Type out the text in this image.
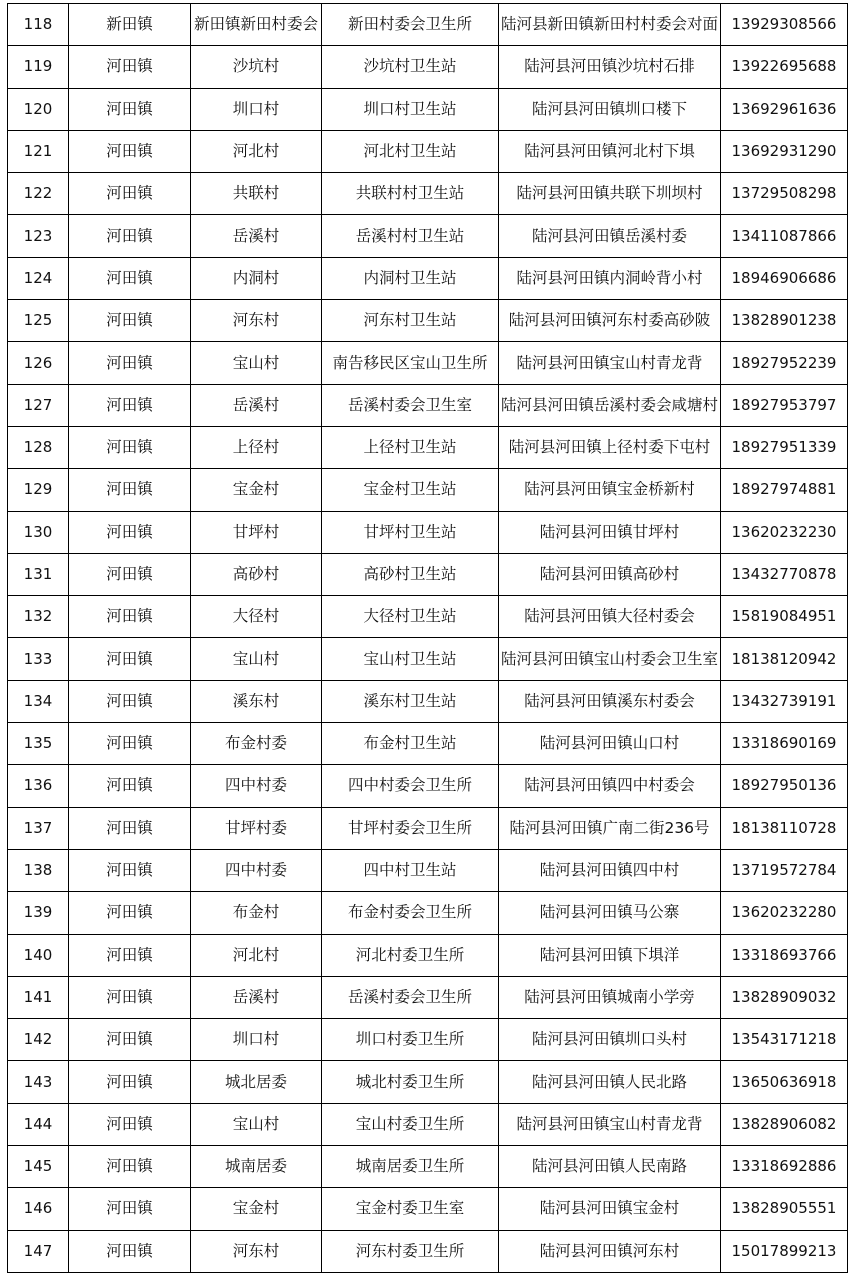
118	新田镇	新田镇新田村委会	新田村委会卫生所	陆河县新田镇新田村村委会对面	13929308566
119	河田镇	沙坑村	沙坑村卫生站	陆河县河田镇沙坑村石排	13922695688
120	河田镇	圳口村	圳口村卫生站	陆河县河田镇圳口楼下	13692961636
121	河田镇	河北村	河北村卫生站	陆河县河田镇河北村下埧	13692931290
122	河田镇	共联村	共联村村卫生站	陆河县河田镇共联下圳坝村	13729508298
123	河田镇	岳溪村	岳溪村村卫生站	陆河县河田镇岳溪村委	13411087866
124	河田镇	内洞村	内洞村卫生站	陆河县河田镇内洞岭背小村	18946906686
125	河田镇	河东村	河东村卫生站	陆河县河田镇河东村委高砂陂	13828901238
126	河田镇	宝山村	南告移民区宝山卫生所	陆河县河田镇宝山村青龙背	18927952239
127	河田镇	岳溪村	岳溪村委会卫生室	陆河县河田镇岳溪村委会咸塘村	18927953797
128	河田镇	上径村	上径村卫生站	陆河县河田镇上径村委下屯村	18927951339
129	河田镇	宝金村	宝金村卫生站	陆河县河田镇宝金桥新村	18927974881
130	河田镇	甘坪村	甘坪村卫生站	陆河县河田镇甘坪村	13620232230
131	河田镇	高砂村	高砂村卫生站	陆河县河田镇高砂村	13432770878
132	河田镇	大径村	大径村卫生站	陆河县河田镇大径村委会	15819084951
133	河田镇	宝山村	宝山村卫生站	陆河县河田镇宝山村委会卫生室	18138120942
134	河田镇	溪东村	溪东村卫生站	陆河县河田镇溪东村委会	13432739191
135	河田镇	布金村委	布金村卫生站	陆河县河田镇山口村	13318690169
136	河田镇	四中村委	四中村委会卫生所	陆河县河田镇四中村委会	18927950136
137	河田镇	甘坪村委	甘坪村委会卫生所	陆河县河田镇广南二街236号	18138110728
138	河田镇	四中村委	四中村卫生站	陆河县河田镇四中村	13719572784
139	河田镇	布金村	布金村委会卫生所	陆河县河田镇马公寨	13620232280
140	河田镇	河北村	河北村委卫生所	陆河县河田镇下埧洋	13318693766
141	河田镇	岳溪村	岳溪村委会卫生所	陆河县河田镇城南小学旁	13828909032
142	河田镇	圳口村	圳口村委卫生所	陆河县河田镇圳口头村	13543171218
143	河田镇	城北居委	城北村委卫生所	陆河县河田镇人民北路	13650636918
144	河田镇	宝山村	宝山村委卫生所	陆河县河田镇宝山村青龙背	13828906082
145	河田镇	城南居委	城南居委卫生所	陆河县河田镇人民南路	13318692886
146	河田镇	宝金村	宝金村委卫生室	陆河县河田镇宝金村	13828905551
147	河田镇	河东村	河东村委卫生所	陆河县河田镇河东村	15017899213
